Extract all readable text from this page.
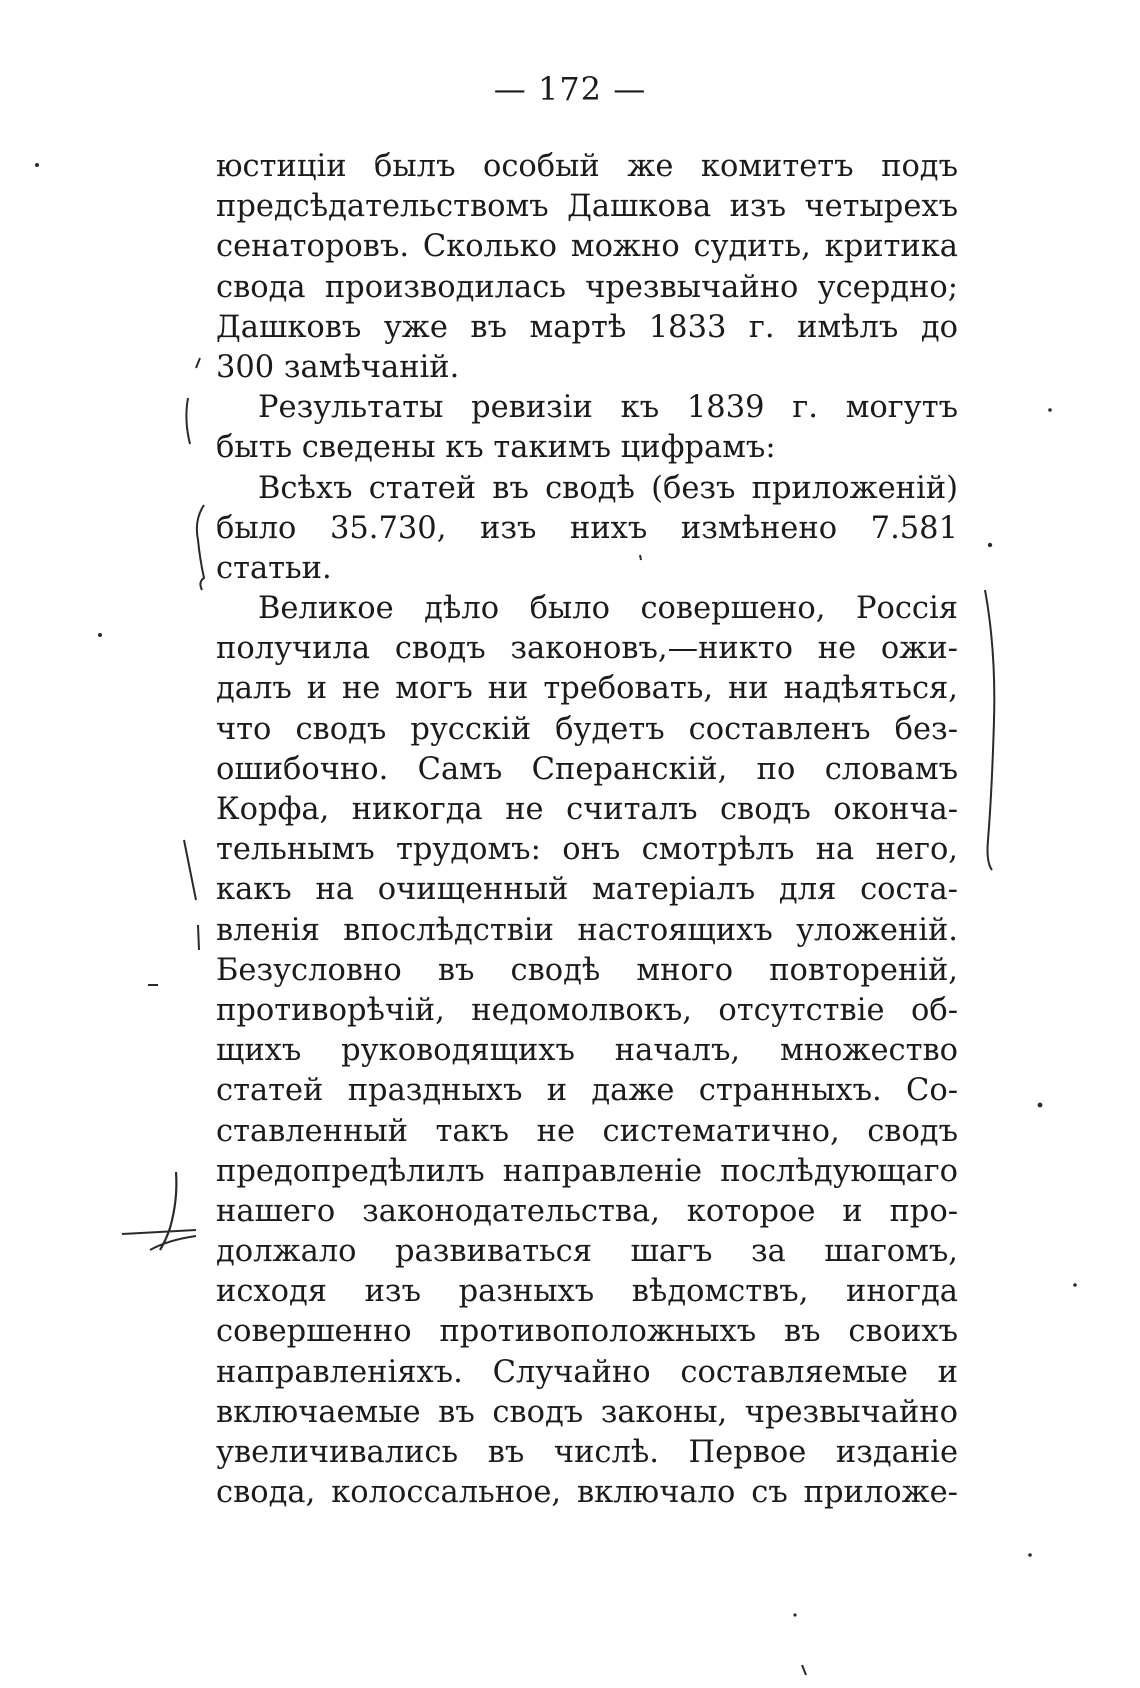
— 172 —
юстицiи былъ особый же комитетъ подъ
предсѣдательствомъ Дашкова изъ четырехъ
сенаторовъ. Сколько можно судить, критика
свода производилась чрезвычайно усердно;
Дашковъ уже въ мартѣ 1833 г. имѣлъ до
300 замѣчанiй.
Результаты ревизiи къ 1839 г. могутъ
быть сведены къ такимъ цифрамъ:
Всѣхъ статей въ сводѣ (безъ приложенiй)
было 35.730, изъ нихъ измѣнено 7.581
статьи.
Великое дѣло было совершено, Россiя
получила сводъ законовъ,—никто не ожи-
далъ и не могъ ни требовать, ни надѣяться,
что сводъ русскiй будетъ составленъ без-
ошибочно. Самъ Сперанскiй, по словамъ
Корфа, никогда не считалъ сводъ оконча-
тельнымъ трудомъ: онъ смотрѣлъ на него,
какъ на очищенный матерiалъ для соста-
вленiя впослѣдствiи настоящихъ уложенiй.
Безусловно въ сводѣ много повторенiй,
противорѣчiй, недомолвокъ, отсутствiе об-
щихъ руководящихъ началъ, множество
статей праздныхъ и даже странныхъ. Со-
ставленный такъ не систематично, сводъ
предопредѣлилъ направленiе послѣдующаго
нашего законодательства, которое и про-
должало развиваться шагъ за шагомъ,
исходя изъ разныхъ вѣдомствъ, иногда
совершенно противоположныхъ въ своихъ
направленiяхъ. Случайно составляемые и
включаемые въ сводъ законы, чрезвычайно
увеличивались въ числѣ. Первое изданiе
свода, колоссальное, включало съ приложе-
